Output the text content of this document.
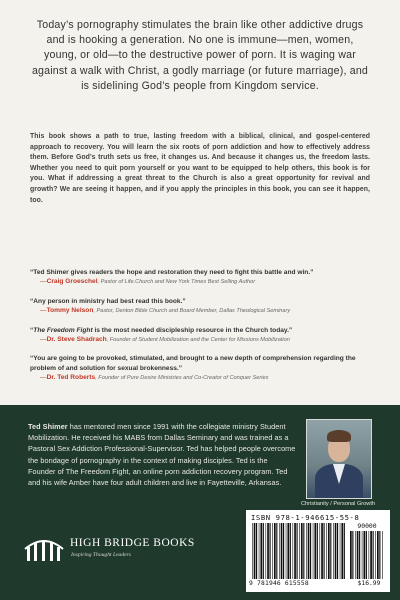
Today’s pornography stimulates the brain like other addictive drugs and is hooking a generation. No one is immune—men, women, young, or old—to the destructive power of porn. It is waging war against a walk with Christ, a godly marriage (or future marriage), and is sidelining God’s people from Kingdom service.

This book shows a path to true, lasting freedom with a biblical, clinical, and gospel-centered approach to recovery. You will learn the six roots of porn addiction and how to effectively address them. Before God’s truth sets us free, it changes us. And because it changes us, the freedom lasts. Whether you need to quit porn yourself or you want to be equipped to help others, this book is for you. What if addressing a great threat to the Church is also a great opportunity for revival and growth? We are seeing it happen, and if you apply the principles in this book, you can see it happen, too.

“Ted Shimer gives readers the hope and restoration they need to fight this battle and win.”
—Craig Groeschel, Pastor of Life.Church and New York Times Best Selling Author

“Any person in ministry had best read this book.”
—Tommy Nelson, Pastor, Denton Bible Church and Board Member, Dallas Theological Seminary

“The Freedom Fight is the most needed discipleship resource in the Church today.”
—Dr. Steve Shadrach, Founder of Student Mobilization and the Center for Missions Mobilization

“You are going to be provoked, stimulated, and brought to a new depth of comprehension regarding the problem of and solution for sexual brokenness.”
—Dr. Ted Roberts, Founder of Pure Desire Ministries and Co-Creator of Conquer Series

Ted Shimer has mentored men since 1991 with the collegiate ministry Student Mobilization. He received his MABS from Dallas Seminary and was trained as a Pastoral Sex Addiction Professional-Supervisor. Ted has helped people overcome the bondage of pornography in the context of making disciples. Ted is the Founder of The Freedom Fight, an online porn addiction recovery program. Ted and his wife Amber have four adult children and live in Fayetteville, Arkansas.

Christianity / Personal Growth
HIGH BRIDGE BOOKS
Inspiring Thought Leaders
ISBN 978-1-946615-55-8
90000
9 781946 615558	$16.99
